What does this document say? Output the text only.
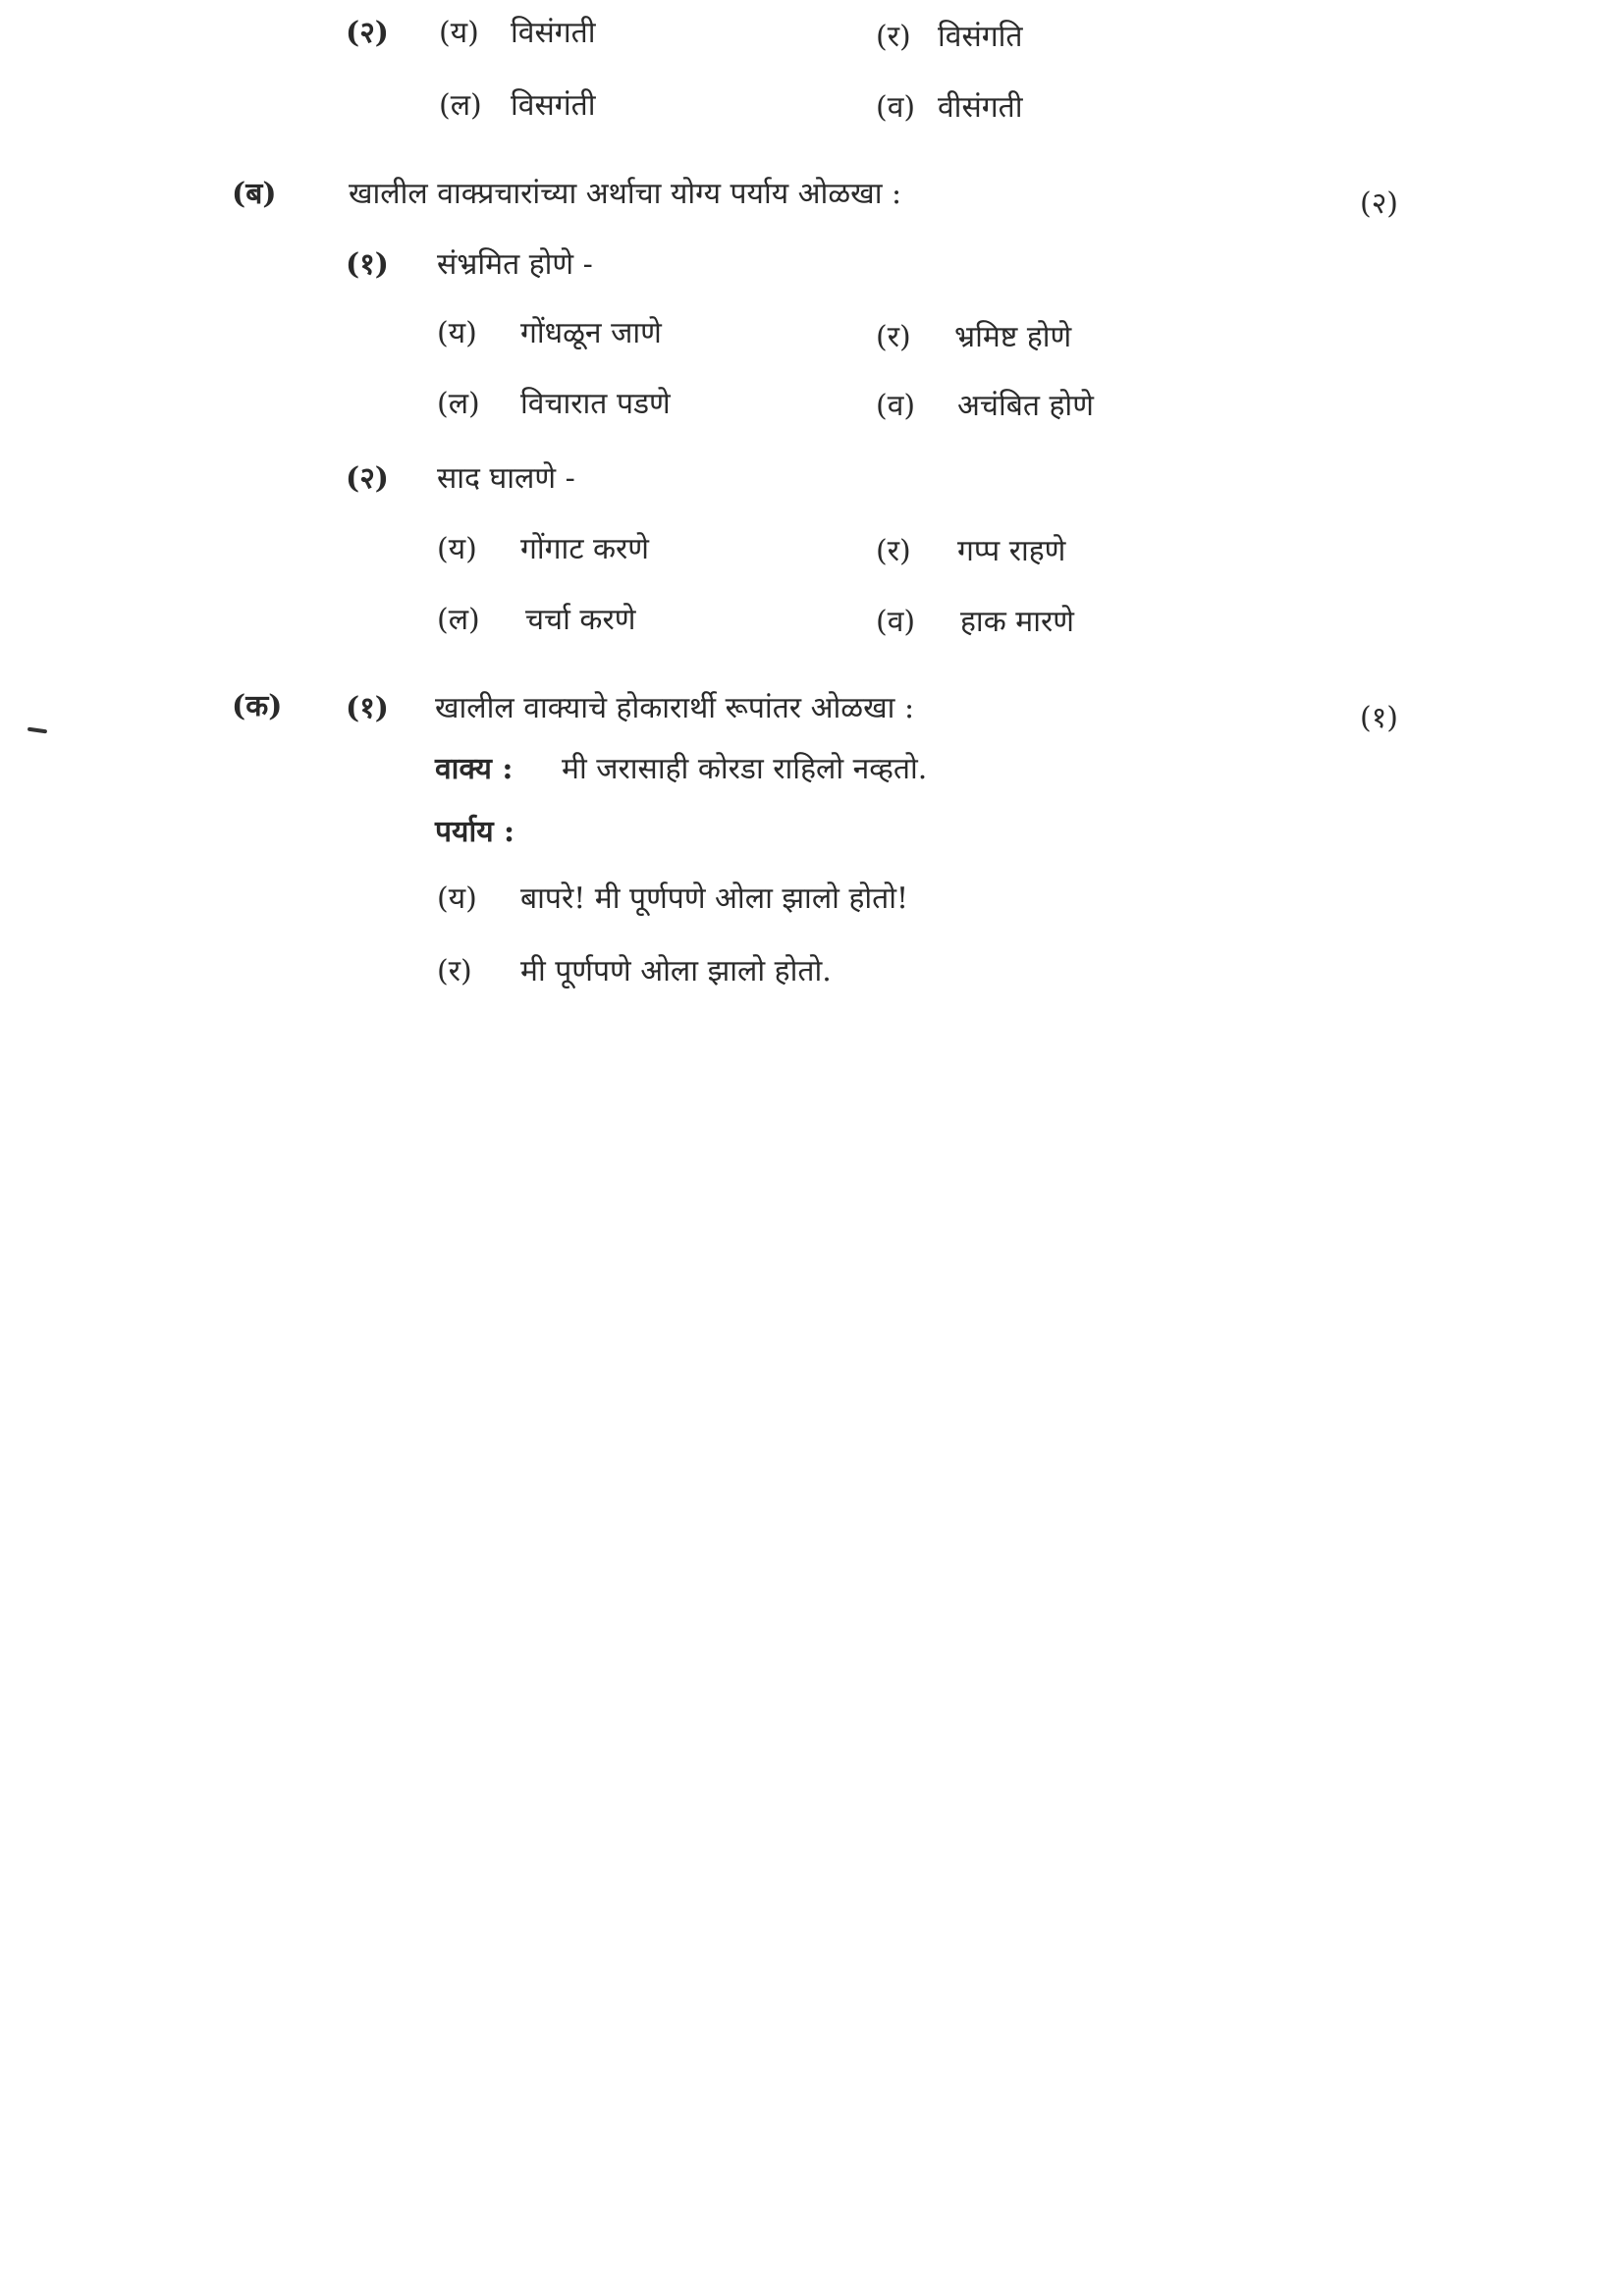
(२) (य) विसंगती	(र) विसंगति
(ल) विसगंती	(व) वीसंगती
(ब) खालील वाक्प्रचारांच्या अर्थाचा योग्य पर्याय ओळखा :	(२)
(१) संभ्रमित होणे -
(य) गोंधळून जाणे	(र) भ्रमिष्ट होणे
(ल) विचारात पडणे	(व) अचंबित होणे
(२) साद घालणे -
(य) गोंगाट करणे	(र) गप्प राहणे
(ल) चर्चा करणे	(व) हाक मारणे
(क) (१) खालील वाक्याचे होकारार्थी रूपांतर ओळखा :	(१)
वाक्य : मी जरासाही कोरडा राहिलो नव्हतो.
पर्याय :
(य) बापरे! मी पूर्णपणे ओला झालो होतो!
(र) मी पूर्णपणे ओला झालो होतो.
